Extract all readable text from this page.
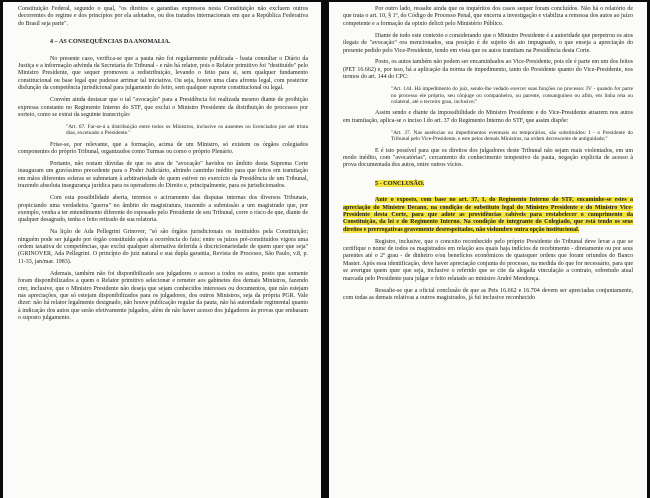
Constituição Federal, segundo o qual, "os direitos e garantias expressos nesta Constituição não excluem outros decorrentes do regime e dos princípios por ela adotados, ou dos tratados internacionais em que a República Federativa do Brasil seja parte".

4 – AS CONSEQUÊNCIAS DA ANOMALIA.

No presente caso, verifica-se que a pauta não foi regularmente publicada - basta consultar o Diário da Justiça e a informação advinda da Secretaria do Tribunal - e não há relator, pois o Relator primitivo foi "destituído" pelo Ministro Presidente, que sequer promoveu a redistribuição, levando o feito para si, sem qualquer fundamento constitucional ou base legal que pudesse arrimar tal iniciativa. Ou seja, houve uma clara afronta legal, com posterior disfunção da competência jurisdicional para julgamento do feito, sem qualquer suporte constitucional ou legal.

Convém ainda destacar que o tal "avocação" para a Presidência foi realizada mesmo diante de proibição expressa constante no Regimento Interno do STF, que exclui o Ministro Presidente da distribuição de processos por sorteio, como se extrai da seguinte transcrição:

"Art. 67. Far-se-á a distribuição entre todos os Ministros, inclusive os ausentes ou licenciados por até trinta dias, excetuado o Presidente."

Frise-se, por relevante, que a formação, acima de um Ministro, só existem os órgãos colegiados componentes do próprio Tribunal, organizados como Turmas ou como o próprio Plenário.

Portanto, não restam dúvidas de que os atos de "avocação" havidos no âmbito desta Suprema Corte inauguram um gravíssimo precedente para o Poder Judiciário, abrindo caminho inédito para que feitos em tramitação em mãos diferentes esferas se submetam à arbitrariedade de quem estiver no exercício da Presidência de um Tribunal, trazendo absoluta insegurança jurídica para os operadores do Direito e, principalmente, para os jurisdicionados.

Com esta possibilidade aberta, teremos o acirramento das disputas internas dos diversos Tribunais, propiciando uma verdadeira "guerra" no âmbito do magistratura, trazendo a submissão a um magistrado que, por exemplo, venha a ter entendimento diferente do esposado pelo Presidente de seu Tribunal, corre o risco de que, diante de qualquer desagrado, tenha o feito retirado de sua relatoria.

Na lição de Ada Pellegrini Grinover, "só são órgãos jurisdicionais os instituídos pela Constituição; ninguém pode ser julgado por órgão constituído após a ocorrência do fato; entre os juízes pré-constituídos vigora uma ordem taxativa de competências, que exclui qualquer alternativa deferida à discricionariedade de quem quer que seja" (GRINOVER, Ada Pellegrini. O princípio do juiz natural e sua dupla garantia, Revista de Processo, São Paulo, v.8, p. 11-33, jan/mar. 1983).

Ademais, também não foi disponibilizado aos julgadores o acesso a todos os autos, posto que somente foram disponibilizados a quem o Relator primitivo selecionar e remeter aos gabinetes dos demais Ministros, fazendo crer, inclusive, que o Ministro Presidente não deseja que sejam conhecidos interesses ou documentos, que não estejam nas apreciações, que só estejam disponibilizados para os julgadores, dos outros Ministros, seja da própria PGR. Vale dizer: não há relator legalmente designado, não houve publicação regular da pauta, não há autoridade regimental quanto à indicação dos autos que serão efetivamente julgados, além de não haver acesso dos julgadores às provas que embasam o suposto julgamento.

Por outro lado, ressalte ainda que os inquéritos dos casos sequer foram concluídos. Não há o relatório de que trata o art. 10, § 1º, do Código de Processo Penal, que encerra a investigação e viabiliza a remessa dos autos ao juízo competente e a formação da opinio delicti pelo Ministério Público.

Diante de todo este contexto e considerando que o Ministro Presidente é a autoridade que perpetrou os atos ilegais de "avocação" ora mencionados, sua posição é de sujeito do ato impugnado, o que enseja a apreciação do presente pedido pelo Vice-Presidente, tendo em vista que os autos tramitam na Presidência desta Corte.

Posto, os autos também não podem ser encaminhados ao Vice-Presidente, pois ele é parte em um dos feitos (PET 16.662) e, por isso, há a aplicação da norma de impedimento, tanto do Presidente quanto do Vice-Presidente, nos termos do art. 144 do CPC:

"Art. 144. Há impedimento do juiz, sendo-lhe vedado exercer suas funções no processo: IV - quando for parte no processo ele próprio, seu cônjuge ou companheiro, ou parente, consanguíneo ou afim, em linha reta ou colateral, até o terceiro grau, inclusive;"

Assim sendo e diante da impossibilidade do Ministro Presidente e do Vice-Presidente atuarem nos autos em tramitação, aplica-se o inciso I do art. 37 do Regimento Interno do STF, que assim dispõe:

"Art. 37. Nas ausências ou impedimentos eventuais ou temporários, são substituídos: I - o Presidente do Tribunal pelo Vice-Presidente, e este pelos demais Ministros, na ordem decrescente de antiguidade;"

E é isto possível para que os direitos dos julgadores deste Tribunal não sejam mais violentados, em um modo inédito, com "avocatórias", cercamento do conhecimento tempestivo da pauta, negação explicita de acesso à prova documentada dos autos, entre outros vícios.

5 - CONCLUSÃO.

Ante o exposto, com base no art. 37, I, do Regimento Interno do STF, encaminhe-se estes a apreciação do Ministro Decano, na condição de substituto legal do Ministro Presidente e do Ministro Vice-Presidente desta Corte, para que adote as providências cabíveis para restabelecer o cumprimento da Constituição, da lei e do Regimento Interno. Na condição de integrante do Colegiado, que está tendo os seus direitos e prerrogativas gravemente desrespeitados, não vislumbro outra opção institucional.

Registro, inclusive, que o conceito reconhecido pelo próprio Presidente do Tribunal deve levar a que se certifique o nome de todos os magistrados em relação aos quais haja indícios de recebimento - diretamente ou por seus parentes até o 2º grau - de dinheiro e/ou benefícios econômicos de quaisquer ordens que foram oriundos do Banco Master. Após essa identificação, deve haver apreciação conjunta do processo, na medida do que for necessário, para que se averigue quem quer que seja, inclusive o referido que se cite da alegada vinculação a contrato, sobretudo atual marcada pelo Presidente para julgar o feito relatado ao ministro André Mendonça.

Ressalte-se que a oficial conclusão de que as Pets 16.662 e 16.704 devem ser apreciadas conjuntamente, com todas as demais relativas a outros magistrados, já fui inclusive reconhecido
